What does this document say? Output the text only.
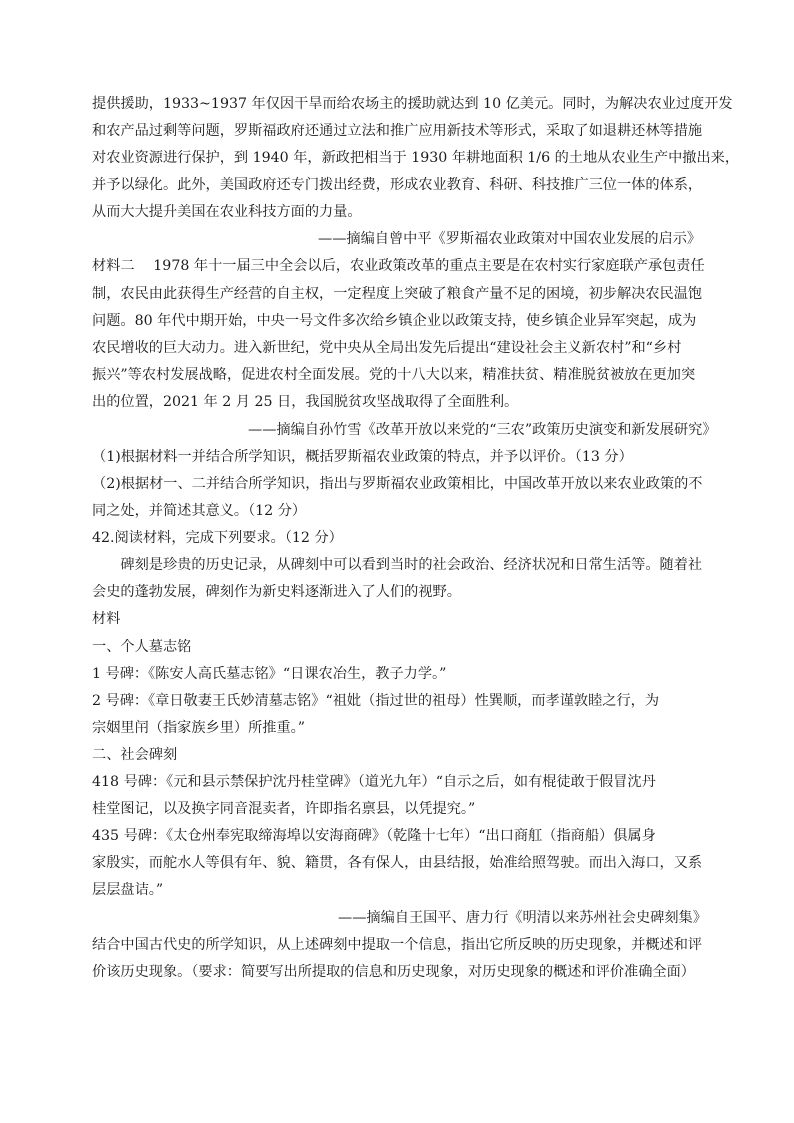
提供援助，1933~1937 年仅因干旱而给农场主的援助就达到 10 亿美元。同时，为解决农业过度开发
和农产品过剩等问题，罗斯福政府还通过立法和推广应用新技术等形式，采取了如退耕还林等措施
对农业资源进行保护，到 1940 年，新政把相当于 1930 年耕地面积 1/6 的土地从农业生产中撤出来，
并予以绿化。此外，美国政府还专门拨出经费，形成农业教育、科研、科技推广三位一体的体系，
从而大大提升美国在农业科技方面的力量。
——摘编自曾中平《罗斯福农业政策对中国农业发展的启示》
材料二　 1978 年十一届三中全会以后，农业政策改革的重点主要是在农村实行家庭联产承包责任
制，农民由此获得生产经营的自主权，一定程度上突破了粮食产量不足的困境，初步解决农民温饱
问题。80 年代中期开始，中央一号文件多次给乡镇企业以政策支持，使乡镇企业异军突起，成为
农民增收的巨大动力。进入新世纪，党中央从全局出发先后提出“建设社会主义新农村”和“乡村
振兴”等农村发展战略，促进农村全面发展。党的十八大以来，精准扶贫、精准脱贫被放在更加突
出的位置，2021 年 2 月 25 日，我国脱贫攻坚战取得了全面胜利。
——摘编自孙竹雪《改革开放以来党的“三农”政策历史演变和新发展研究》
（1)根据材料一并结合所学知识，概括罗斯福农业政策的特点，并予以评价。（13 分）
（2)根据材一、二并结合所学知识，指出与罗斯福农业政策相比，中国改革开放以来农业政策的不
同之处，并简述其意义。（12 分）
42.阅读材料，完成下列要求。（12 分）
　　碑刻是珍贵的历史记录，从碑刻中可以看到当时的社会政治、经济状况和日常生活等。随着社
会史的蓬勃发展，碑刻作为新史料逐渐进入了人们的视野。
材料
一、个人墓志铭
1 号碑：《陈安人高氏墓志铭》“日课农冶生，教子力学。”
2 号碑：《章日敬妻王氏妙清墓志铭》“祖妣（指过世的祖母）性巽顺，而孝谨敦睦之行，为
宗姻里闬（指家族乡里）所推重。”
二、社会碑刻
418 号碑：《元和县示禁保护沈丹桂堂碑》（道光九年）“自示之后，如有棍徒敢于假冒沈丹
桂堂图记，以及换字同音混卖者，许即指名禀县，以凭提究。”
435 号碑：《太仓州奉宪取缔海埠以安海商碑》（乾隆十七年）“出口商舡（指商船）俱属身
家殷实，而舵水人等俱有年、貌、籍贯，各有保人，由县结报，始准给照驾驶。而出入海口，又系
层层盘诘。”
——摘编自王国平、唐力行《明清以来苏州社会史碑刻集》
结合中国古代史的所学知识，从上述碑刻中提取一个信息，指出它所反映的历史现象，并概述和评
价该历史现象。（要求：简要写出所提取的信息和历史现象，对历史现象的概述和评价准确全面）
